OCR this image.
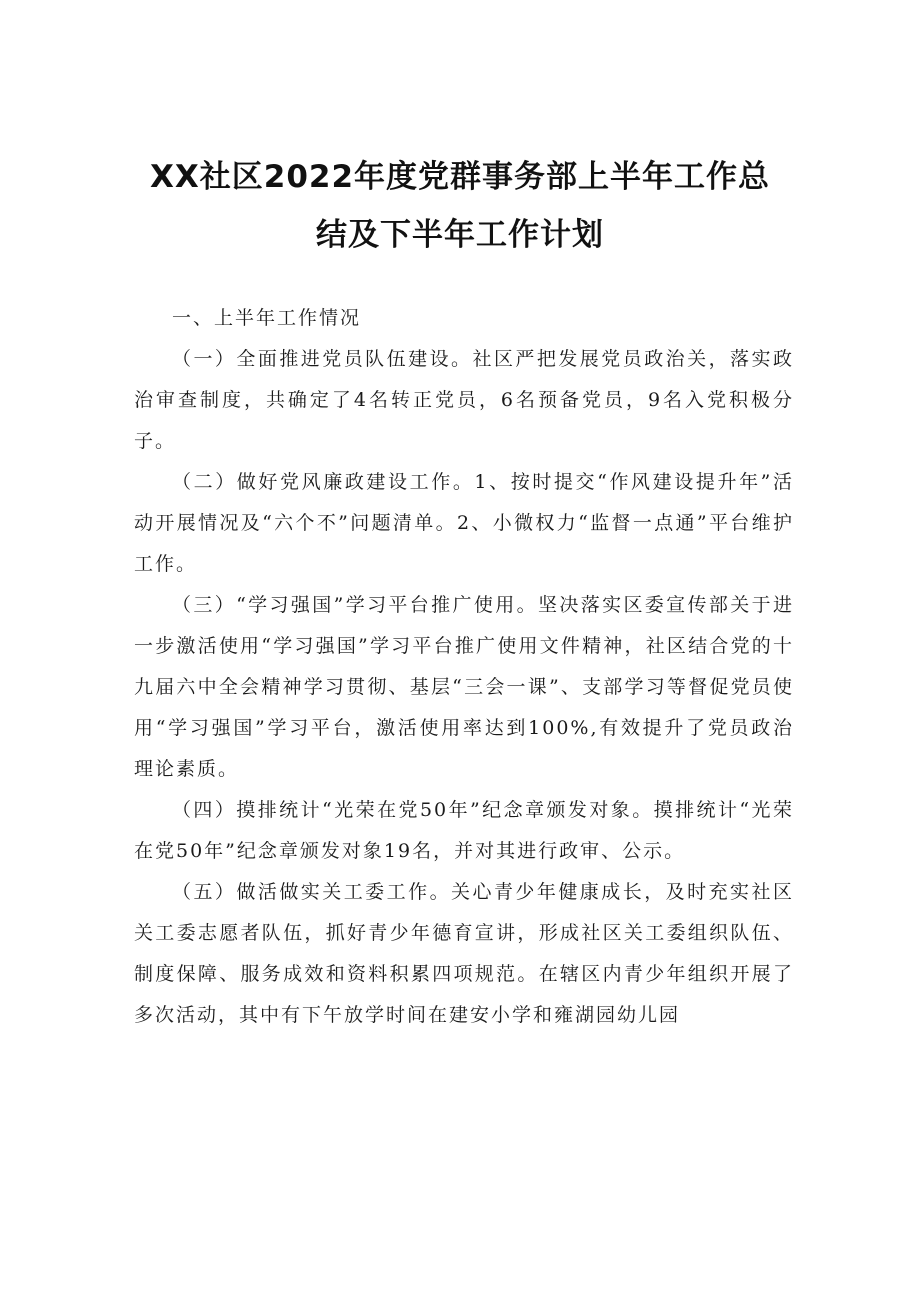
XX社区2022年度党群事务部上半年工作总
结及下半年工作计划

一、上半年工作情况

（一）全面推进党员队伍建设。社区严把发展党员政治关，落实政治审查制度，共确定了4名转正党员，6名预备党员，9名入党积极分子。

（二）做好党风廉政建设工作。1、按时提交“作风建设提升年”活动开展情况及“六个不”问题清单。2、小微权力“监督一点通”平台维护工作。

（三）“学习强国”学习平台推广使用。坚决落实区委宣传部关于进一步激活使用“学习强国”学习平台推广使用文件精神，社区结合党的十九届六中全会精神学习贯彻、基层“三会一课”、支部学习等督促党员使用“学习强国”学习平台，激活使用率达到100%,有效提升了党员政治理论素质。

（四）摸排统计“光荣在党50年”纪念章颁发对象。摸排统计“光荣在党50年”纪念章颁发对象19名，并对其进行政审、公示。

（五）做活做实关工委工作。关心青少年健康成长，及时充实社区关工委志愿者队伍，抓好青少年德育宣讲，形成社区关工委组织队伍、制度保障、服务成效和资料积累四项规范。在辖区内青少年组织开展了多次活动，其中有下午放学时间在建安小学和雍湖园幼儿园
